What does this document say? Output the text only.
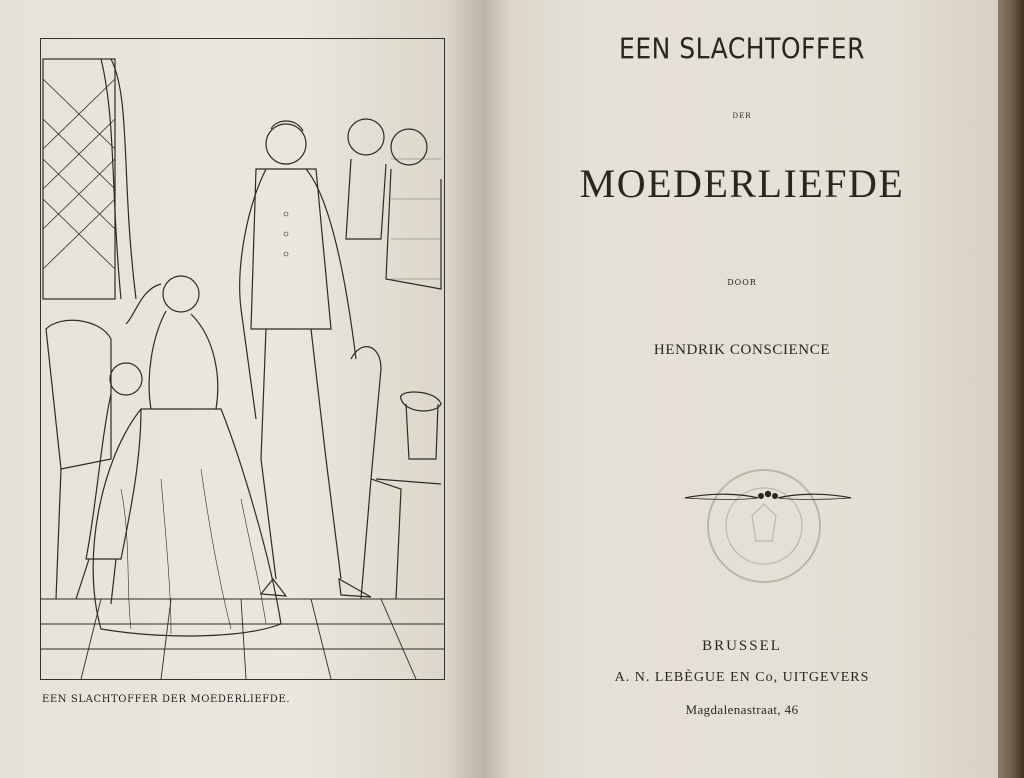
EEN SLACHTOFFER DER MOEDERLIEFDE.
EEN SLACHTOFFER
DER
MOEDERLIEFDE
DOOR
HENDRIK CONSCIENCE
BRUSSEL
A. N. LEBÈGUE EN Co, UITGEVERS
Magdalenastraat, 46
